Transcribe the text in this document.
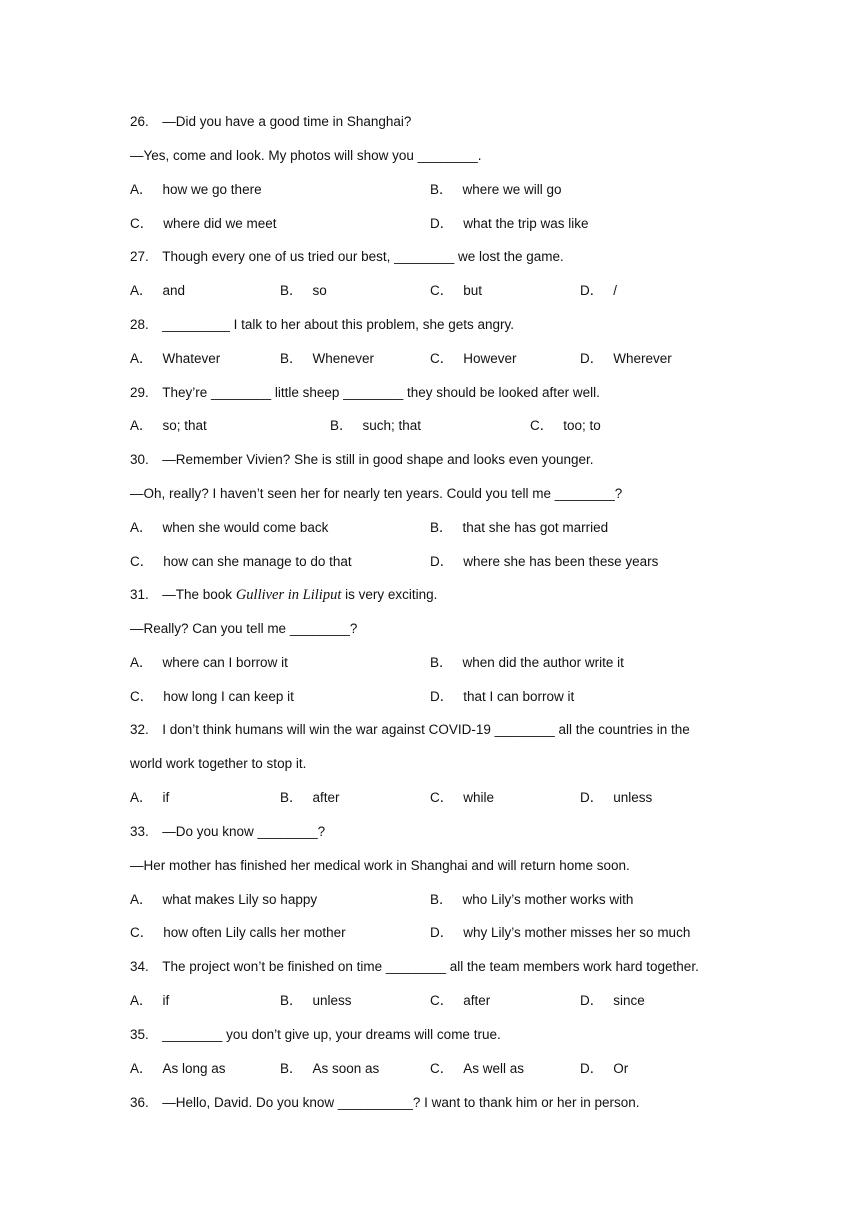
26.　—Did you have a good time in Shanghai?
—Yes, come and look. My photos will show you ________.
A． how we go there	B． where we will go
C． where did we meet	D． what the trip was like
27.　Though every one of us tried our best, ________ we lost the game.
A． and	B． so	C． but	D． /
28.　_________ I talk to her about this problem, she gets angry.
A． Whatever	B． Whenever	C． However	D． Wherever
29.　They’re ________ little sheep ________ they should be looked after well.
A． so; that	B． such; that	C． too; to
30.　—Remember Vivien? She is still in good shape and looks even younger.
—Oh, really? I haven’t seen her for nearly ten years. Could you tell me ________?
A． when she would come back	B． that she has got married
C． how can she manage to do that	D． where she has been these years
31.　—The book Gulliver in Liliput is very exciting.
—Really? Can you tell me ________?
A． where can I borrow it	B． when did the author write it
C． how long I can keep it	D． that I can borrow it
32.　I don’t think humans will win the war against COVID-19 ________ all the countries in the
world work together to stop it.
A． if	B． after	C． while	D． unless
33.　—Do you know ________?
—Her mother has finished her medical work in Shanghai and will return home soon.
A． what makes Lily so happy	B． who Lily’s mother works with
C． how often Lily calls her mother	D． why Lily’s mother misses her so much
34.　The project won’t be finished on time ________ all the team members work hard together.
A． if	B． unless	C． after	D． since
35.　________ you don’t give up, your dreams will come true.
A． As long as	B． As soon as	C． As well as	D． Or
36.　—Hello, David. Do you know __________? I want to thank him or her in person.
